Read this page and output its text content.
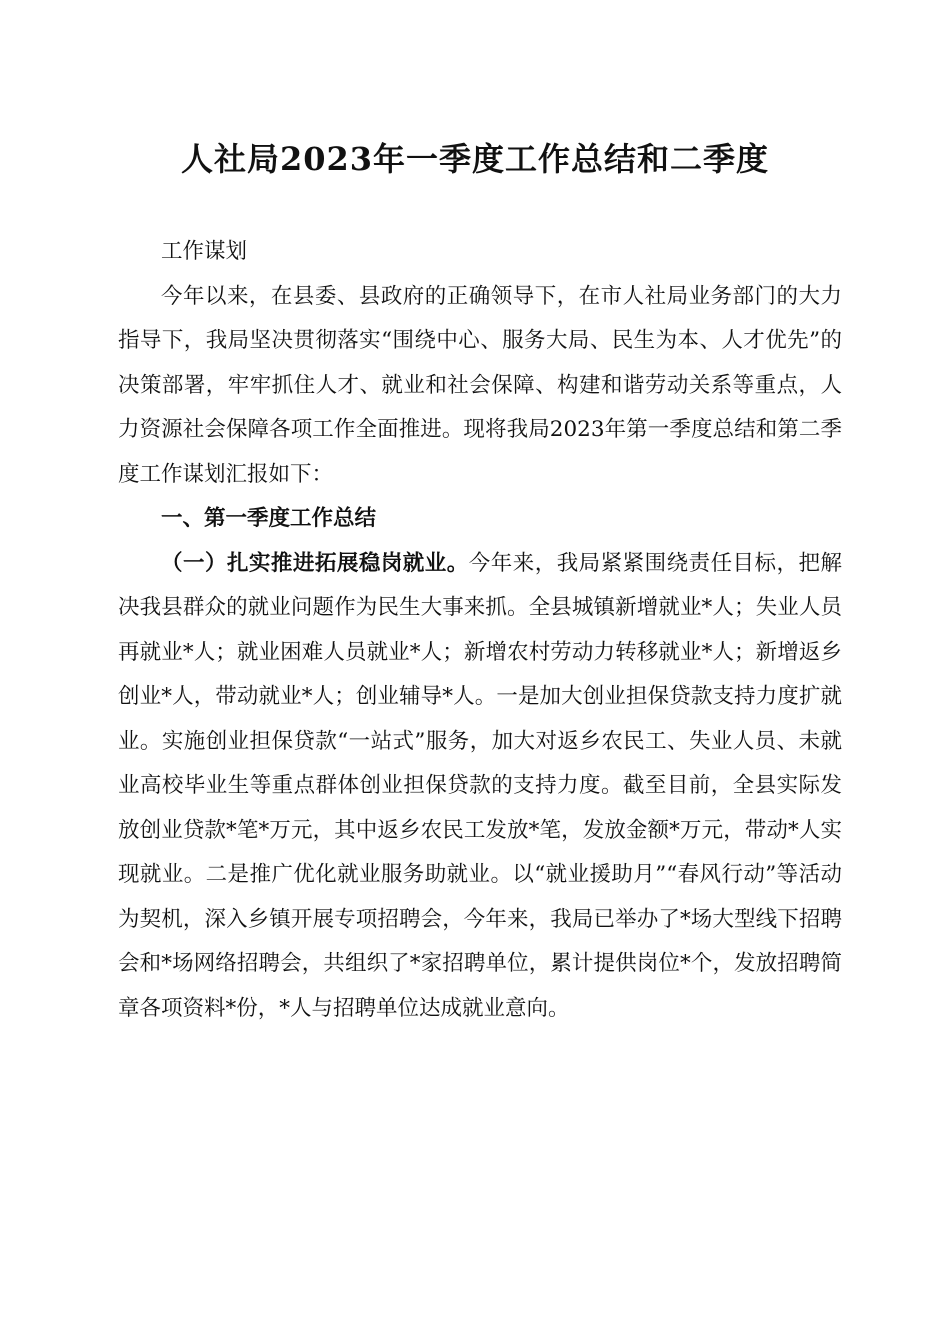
人社局2023年一季度工作总结和二季度

工作谋划

今年以来，在县委、县政府的正确领导下，在市人社局业务部门的大力指导下，我局坚决贯彻落实“围绕中心、服务大局、民生为本、人才优先”的决策部署，牢牢抓住人才、就业和社会保障、构建和谐劳动关系等重点，人力资源社会保障各项工作全面推进。现将我局2023年第一季度总结和第二季度工作谋划汇报如下：

一、第一季度工作总结

（一）扎实推进拓展稳岗就业。今年来，我局紧紧围绕责任目标，把解决我县群众的就业问题作为民生大事来抓。全县城镇新增就业*人；失业人员再就业*人；就业困难人员就业*人；新增农村劳动力转移就业*人；新增返乡创业*人，带动就业*人；创业辅导*人。一是加大创业担保贷款支持力度扩就业。实施创业担保贷款“一站式”服务，加大对返乡农民工、失业人员、未就业高校毕业生等重点群体创业担保贷款的支持力度。截至目前，全县实际发放创业贷款*笔*万元，其中返乡农民工发放*笔，发放金额*万元，带动*人实现就业。二是推广优化就业服务助就业。以“就业援助月”“春风行动”等活动为契机，深入乡镇开展专项招聘会，今年来，我局已举办了*场大型线下招聘会和*场网络招聘会，共组织了*家招聘单位，累计提供岗位*个，发放招聘简章各项资料*份，*人与招聘单位达成就业意向。
